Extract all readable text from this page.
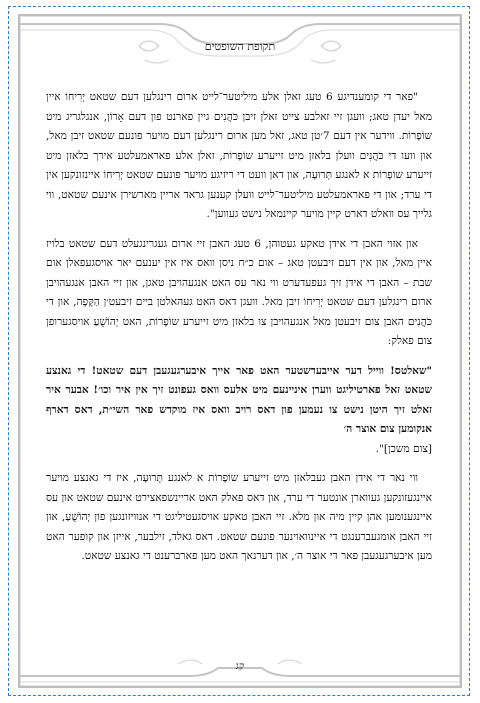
תקופת השופטים

"פאר די קומענדיגע 6 טעג זאלן אלע מיליטער־לייט ארום רינגלען דעם שטאט יְרִיחוֹ איין מאל יעדן טאג; וועגן זיי זאלבע צייט זאלן זיבן כֹּהֲנִים גיין פארנט פון דעם אָרוֹן, אנגלגריג מיט שוֹפָרוֹת. ווידער אין דעם 7׳טן טאג, זאל מען ארום רינגלען דעם מויער פונעם שטאט זיבן מאל, און וועו די כֹּהֲנִים וועלן בלאזן מיט זייערע שוֹפָרוֹת, זאלן אלע פאראמעלטע אירך בלאזן מיט זייערע שוֹפָרוֹת א לאנגע תְּרוּעָה, און דאן וועט די ריזיגע מויער פונעם שטאט יְרִיחוֹ איינזונקען אין די ערד; און די פאראמעלטע מיליטער־לייט וועלן קענען גראד אריין מארשירן אינעם שטאט, ווי גלייך עס וואלט דארט קיין מויער קיינמאל נישט געווען".

און אזוי האבן די אידן טאקע געטוהן, 6 טעג האבן זיי ארום געגרינגעלט דעם שטאט בלויז איין מאל, און אין דעם זיבעטן טאג – אום כ״ח ניסן וואס איז אין יענעם יאר אויסגעפאלן אום שבת – האבן די אידן זיך געפעדערט ווי נאר עס האט אנגעהויבן טאגן, און זיי האבן אנגעהויבן ארום רינגלען דעם שטאט יְרִיחוֹ זיבן מאל. וועגן דאס האט געהאלטן ביים זיבעט׳ן הַקָּפָה, און די כֹּהֲנִים האבן צום זיבעטן מאל אנגעהויבן צו בלאזן מיט זייערע שוֹפָרוֹת, האט יְהוֹשֻׁעַ אויסגערופן צום פאלק:

"שאלטס! ווייל דער אייבערשטער האט פאר אייך איבערגעגעבן דעם שטאט! די גאנצע שטאט זאל פארטיליגט ווערן איניינעם מיט אלעס וואס געפונט זיך אין איר וכו׳! אבער איר זאלט זיך היטן נישט צו נעמען פון דאס רויב וואס איז מוקדש פאר השי״ת, דאס דארף אנקומען צום אוצר ה׳
[צום משכן]".

ווי נאר די אידן האבן געבלאזן מיט זייערע שוֹפָרוֹת א לאנגע תְּרוּעָה, איז די גאנצע מויער איינגעזונקען געווארן אונטער די ערד, און דאס פאלק האט אריינשפאצירט אינעם שטאט און עס איינגענומען אהן קיין מיה און מלא. זיי האבן טאקע אויסגעטיליגט די אנוויזונגען פון יְהוֹשֻׁעַ, און זיי האבן אומגעברענגט די איינוואוינער פונעם שטאט. דאס גאלד, זילבער, אייזן און קופער האט מען איבערגעגעבן פאר די אוצר ה׳, און דערנאך האט מען פארברענט די גאנצע שטאט.

קג
